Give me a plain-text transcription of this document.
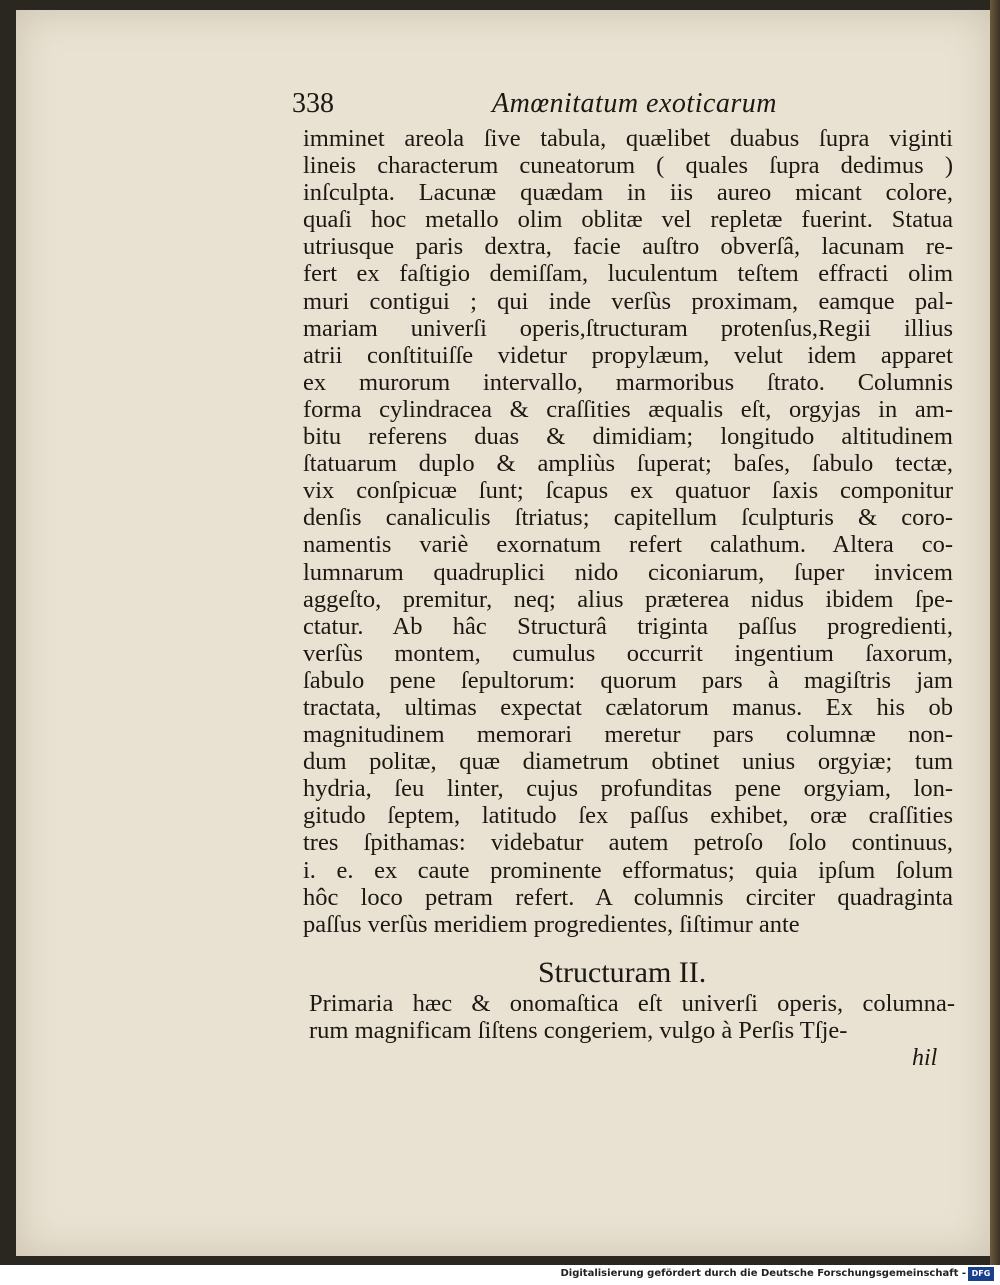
338	Amœnitatum exoticarum
imminet areola ſive tabula, quælibet duabus ſupra viginti
lineis characterum cuneatorum ( quales ſupra dedimus )
inſculpta. Lacunæ quædam in iis aureo micant colore,
quaſi hoc metallo olim oblitæ vel repletæ fuerint. Statua
utriusque paris dextra, facie auſtro obverſâ, lacunam re-
fert ex faſtigio demiſſam, luculentum teſtem effracti olim
muri contigui ; qui inde verſùs proximam, eamque pal-
mariam univerſi operis,ſtructuram protenſus,Regii illius
atrii conſtituiſſe videtur propylæum, velut idem apparet
ex murorum intervallo, marmoribus ſtrato. Columnis
forma cylindracea & craſſities æqualis eſt, orgyjas in am-
bitu referens duas & dimidiam; longitudo altitudinem
ſtatuarum duplo & ampliùs ſuperat; baſes, ſabulo tectæ,
vix conſpicuæ ſunt; ſcapus ex quatuor ſaxis componitur
denſis canaliculis ſtriatus; capitellum ſculpturis & coro-
namentis variè exornatum refert calathum. Altera co-
lumnarum quadruplici nido ciconiarum, ſuper invicem
aggeſto, premitur, neq; alius præterea nidus ibidem ſpe-
ctatur. Ab hâc Structurâ triginta paſſus progredienti,
verſùs montem, cumulus occurrit ingentium ſaxorum,
ſabulo pene ſepultorum: quorum pars à magiſtris jam
tractata, ultimas expectat cælatorum manus. Ex his ob
magnitudinem memorari meretur pars columnæ non-
dum politæ, quæ diametrum obtinet unius orgyiæ; tum
hydria, ſeu linter, cujus profunditas pene orgyiam, lon-
gitudo ſeptem, latitudo ſex paſſus exhibet, oræ craſſities
tres ſpithamas: videbatur autem petroſo ſolo continuus,
i. e. ex caute prominente efformatus; quia ipſum ſolum
hôc loco petram refert. A columnis circiter quadraginta
paſſus verſùs meridiem progredientes, ſiſtimur ante
Structuram II.
Primaria hæc & onomaſtica eſt univerſi operis, columna-
rum magnificam ſiſtens congeriem, vulgo à Perſis Tſje-
hil
Digitalisierung gefördert durch die Deutsche Forschungsgemeinschaft - DFG
